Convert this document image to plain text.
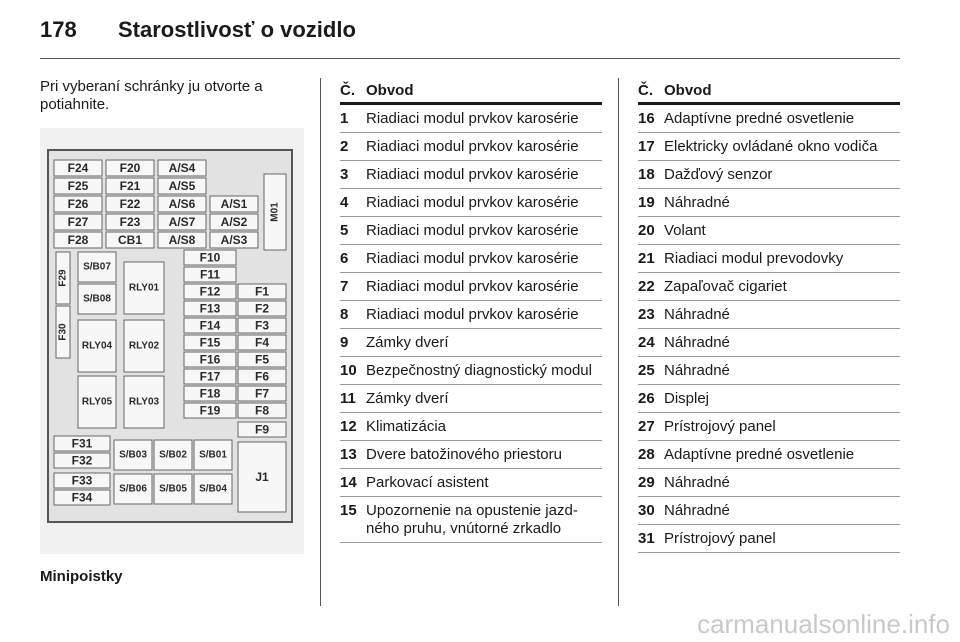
178 Starostlivosť o vozidlo
Pri vyberaní schránky ju otvorte a potiahnite.
F24	F20 A/S4
F25	F21 A/S5
F26	F22 A/S6 A/S1
F27	F23 A/S7 A/S2
F28 CB1 A/S8 A/S3
M01
F29
F30
S/B07
S/B08
RLY01
RLY04 RLY02
RLY05 RLY03
F10
F11
F12	F1
F13	F2
F14	F3
F15	F4
F16	F5
F17	F6
F18	F7
F19	F8
F9
F31
F32
F33
F34
S/B03 S/B02 S/B01
S/B06 S/B05 S/B04
J1
Minipoistky
Č. Obvod
1 Riadiaci modul prvkov karosérie
2 Riadiaci modul prvkov karosérie
3 Riadiaci modul prvkov karosérie
4 Riadiaci modul prvkov karosérie
5 Riadiaci modul prvkov karosérie
6 Riadiaci modul prvkov karosérie
7 Riadiaci modul prvkov karosérie
8 Riadiaci modul prvkov karosérie
9 Zámky dverí
10 Bezpečnostný diagnostický modul
11 Zámky dverí
12 Klimatizácia
13 Dvere batožinového priestoru
14 Parkovací asistent
15 Upozornenie na opustenie jazd-ného pruhu, vnútorné zrkadlo
Č. Obvod
16 Adaptívne predné osvetlenie
17 Elektricky ovládané okno vodiča
18 Dažďový senzor
19 Náhradné
20 Volant
21 Riadiaci modul prevodovky
22 Zapaľovač cigariet
23 Náhradné
24 Náhradné
25 Náhradné
26 Displej
27 Prístrojový panel
28 Adaptívne predné osvetlenie
29 Náhradné
30 Náhradné
31 Prístrojový panel
carmanualsonline.info
